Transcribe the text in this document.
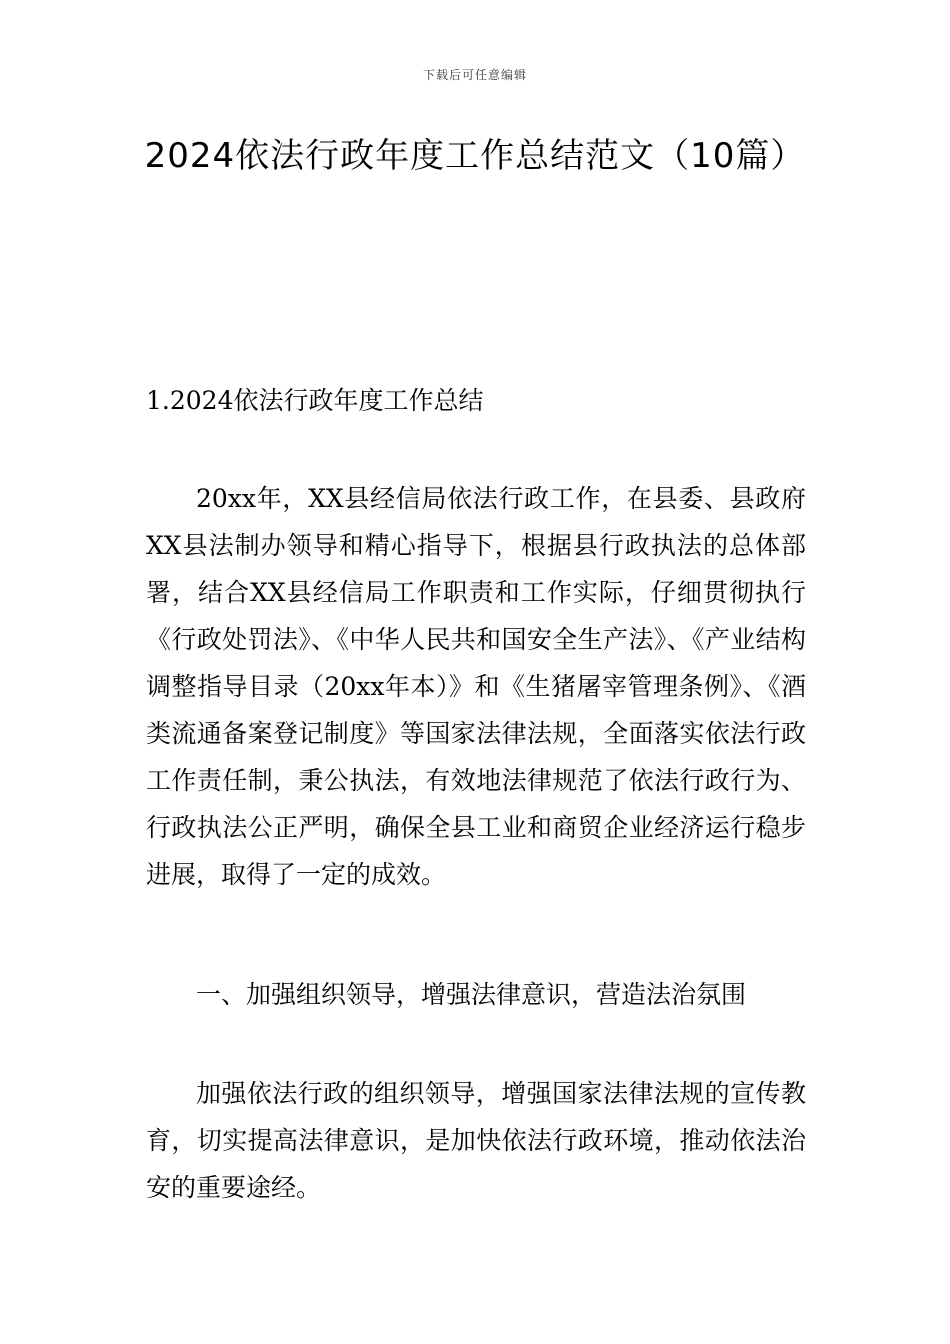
下载后可任意编辑
2024依法行政年度工作总结范文（10篇）
1.2024依法行政年度工作总结

20xx年，XX县经信局依法行政工作，在县委、县政府XX县法制办领导和精心指导下，根据县行政执法的总体部署，结合XX县经信局工作职责和工作实际，仔细贯彻执行《行政处罚法》、《中华人民共和国安全生产法》、《产业结构调整指导目录（20xx年本）》和《生猪屠宰管理条例》、《酒类流通备案登记制度》等国家法律法规，全面落实依法行政工作责任制，秉公执法，有效地法律规范了依法行政行为、行政执法公正严明，确保全县工业和商贸企业经济运行稳步进展，取得了一定的成效。

一、加强组织领导，增强法律意识，营造法治氛围

加强依法行政的组织领导，增强国家法律法规的宣传教育，切实提高法律意识，是加快依法行政环境，推动依法治安的重要途经。
